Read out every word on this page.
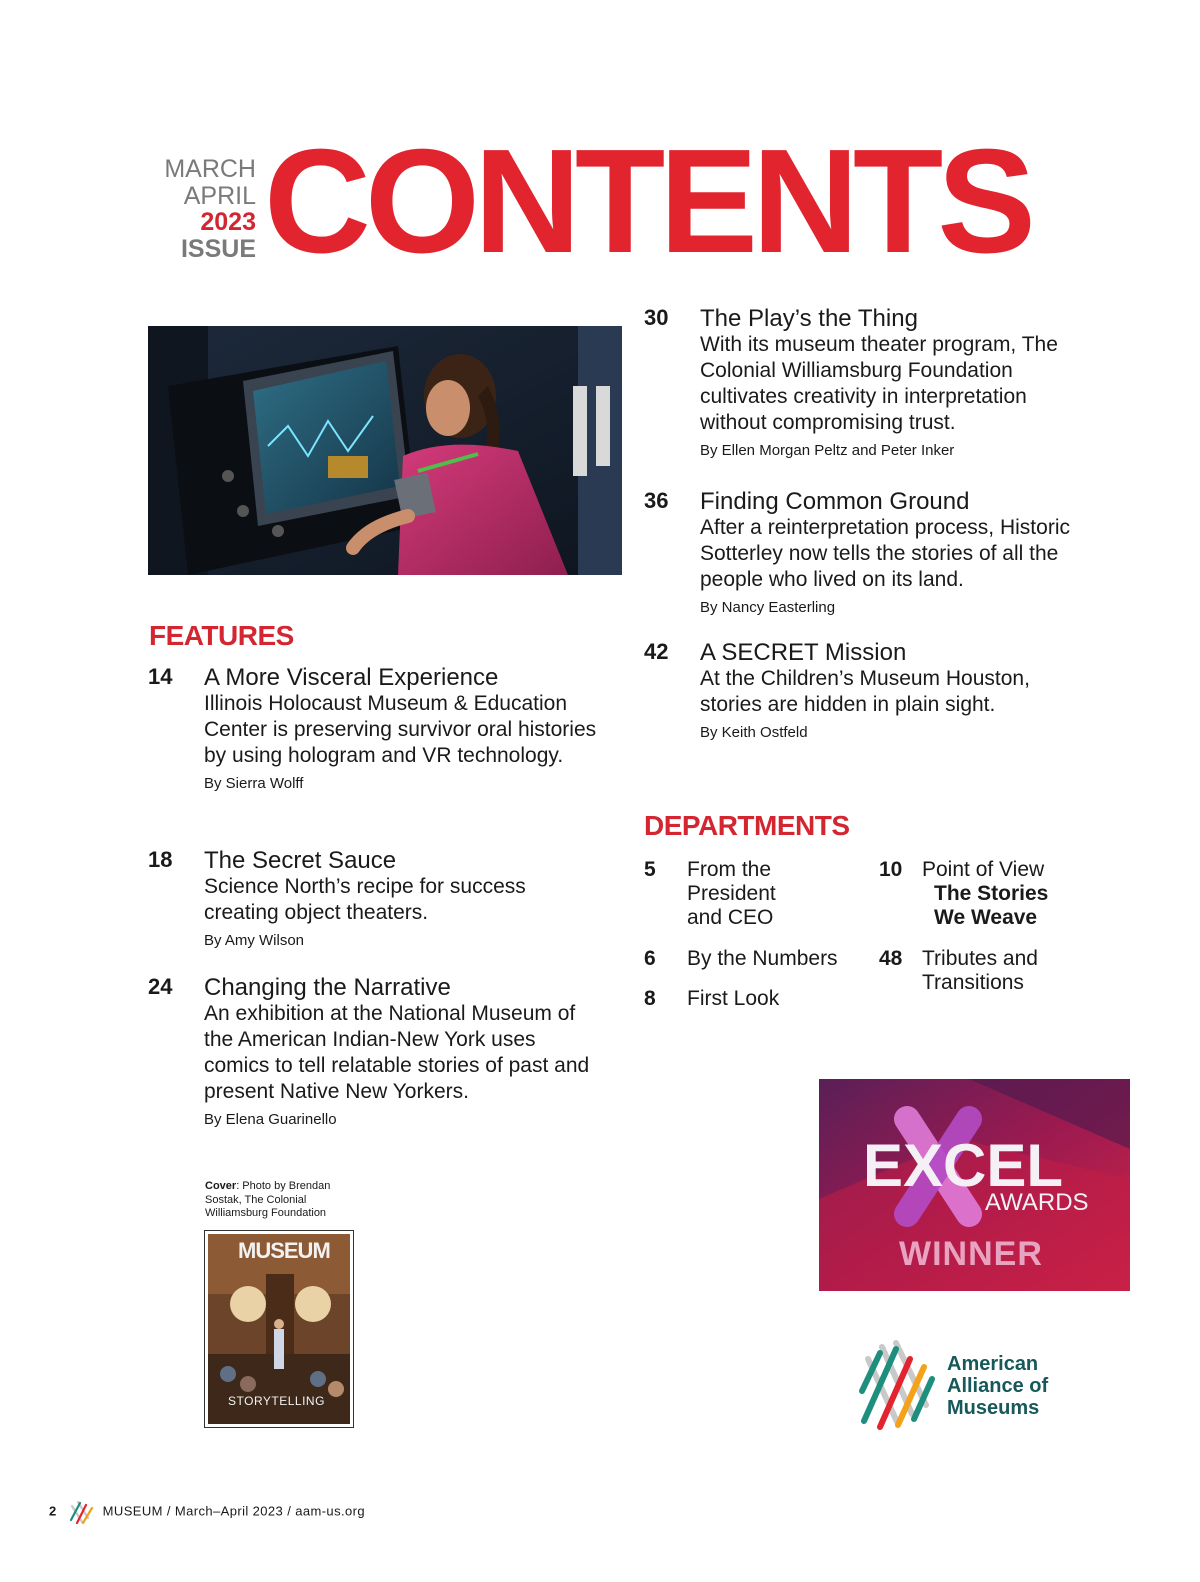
MARCH
APRIL
2023
ISSUE CONTENTS
FEATURES
14 A More Visceral Experience
Illinois Holocaust Museum & Education Center is preserving survivor oral histories by using hologram and VR technology.
By Sierra Wolff
18 The Secret Sauce
Science North’s recipe for success creating object theaters.
By Amy Wilson
24 Changing the Narrative
An exhibition at the National Museum of the American Indian-New York uses comics to tell relatable stories of past and present Native New Yorkers.
By Elena Guarinello
30 The Play’s the Thing
With its museum theater program, The Colonial Williamsburg Foundation cultivates creativity in interpretation without compromising trust.
By Ellen Morgan Peltz and Peter Inker
36 Finding Common Ground
After a reinterpretation process, Historic Sotterley now tells the stories of all the people who lived on its land.
By Nancy Easterling
42 A SECRET Mission
At the Children’s Museum Houston, stories are hidden in plain sight.
By Keith Ostfeld
DEPARTMENTS
5 From the
President
and CEO
6 By the Numbers
8 First Look
10 Point of View
The Stories
We Weave
48 Tributes and
Transitions
Cover: Photo by Brendan Sostak, The Colonial Williamsburg Foundation
MUSEUM
STORYTELLING
EXCEL
AWARDS
WINNER
American
Alliance of
Museums
2	MUSEUM / March–April 2023 / aam-us.org
